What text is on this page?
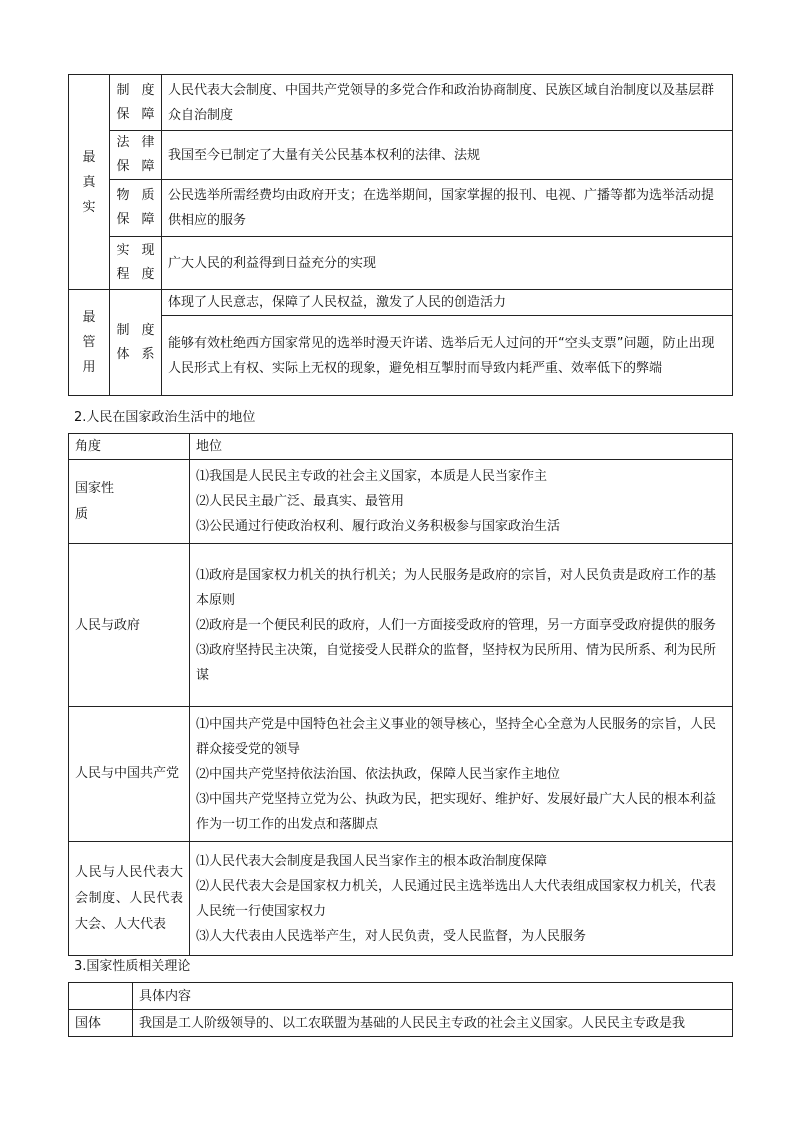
最真实	制度保障	人民代表大会制度、中国共产党领导的多党合作和政治协商制度、民族区域自治制度以及基层群众自治制度

	法律保障	我国至今已制定了大量有关公民基本权利的法律、法规

	物质保障	公民选举所需经费均由政府开支；在选举期间，国家掌握的报刊、电视、广播等都为选举活动提供相应的服务

	实现程度	广大人民的利益得到日益充分的实现

最管用	制度体系	体现了人民意志，保障了人民权益，激发了人民的创造活力
		能够有效杜绝西方国家常见的选举时漫天许诺、选举后无人过问的开“空头支票”问题，防止出现人民形式上有权、实际上无权的现象，避免相互掣肘而导致内耗严重、效率低下的弊端
2.人民在国家政治生活中的地位
角度	地位

国家性质	⑴我国是人民民主专政的社会主义国家，本质是人民当家作主
⑵人民民主最广泛、最真实、最管用
⑶公民通过行使政治权利、履行政治义务积极参与国家政治生活

人民与政府	⑴政府是国家权力机关的执行机关；为人民服务是政府的宗旨，对人民负责是政府工作的基本原则
⑵政府是一个便民利民的政府，人们一方面接受政府的管理，另一方面享受政府提供的服务
⑶政府坚持民主决策，自觉接受人民群众的监督，坚持权为民所用、情为民所系、利为民所谋

人民与中国共产党	⑴中国共产党是中国特色社会主义事业的领导核心，坚持全心全意为人民服务的宗旨，人民群众接受党的领导
⑵中国共产党坚持依法治国、依法执政，保障人民当家作主地位
⑶中国共产党坚持立党为公、执政为民，把实现好、维护好、发展好最广大人民的根本利益作为一切工作的出发点和落脚点

人民与人民代表大会制度、人民代表大会、人大代表	⑴人民代表大会制度是我国人民当家作主的根本政治制度保障
⑵人民代表大会是国家权力机关，人民通过民主选举选出人大代表组成国家权力机关，代表人民统一行使国家权力
⑶人大代表由人民选举产生，对人民负责，受人民监督，为人民服务
3.国家性质相关理论
	具体内容
国体	我国是工人阶级领导的、以工农联盟为基础的人民民主专政的社会主义国家。人民民主专政是我
